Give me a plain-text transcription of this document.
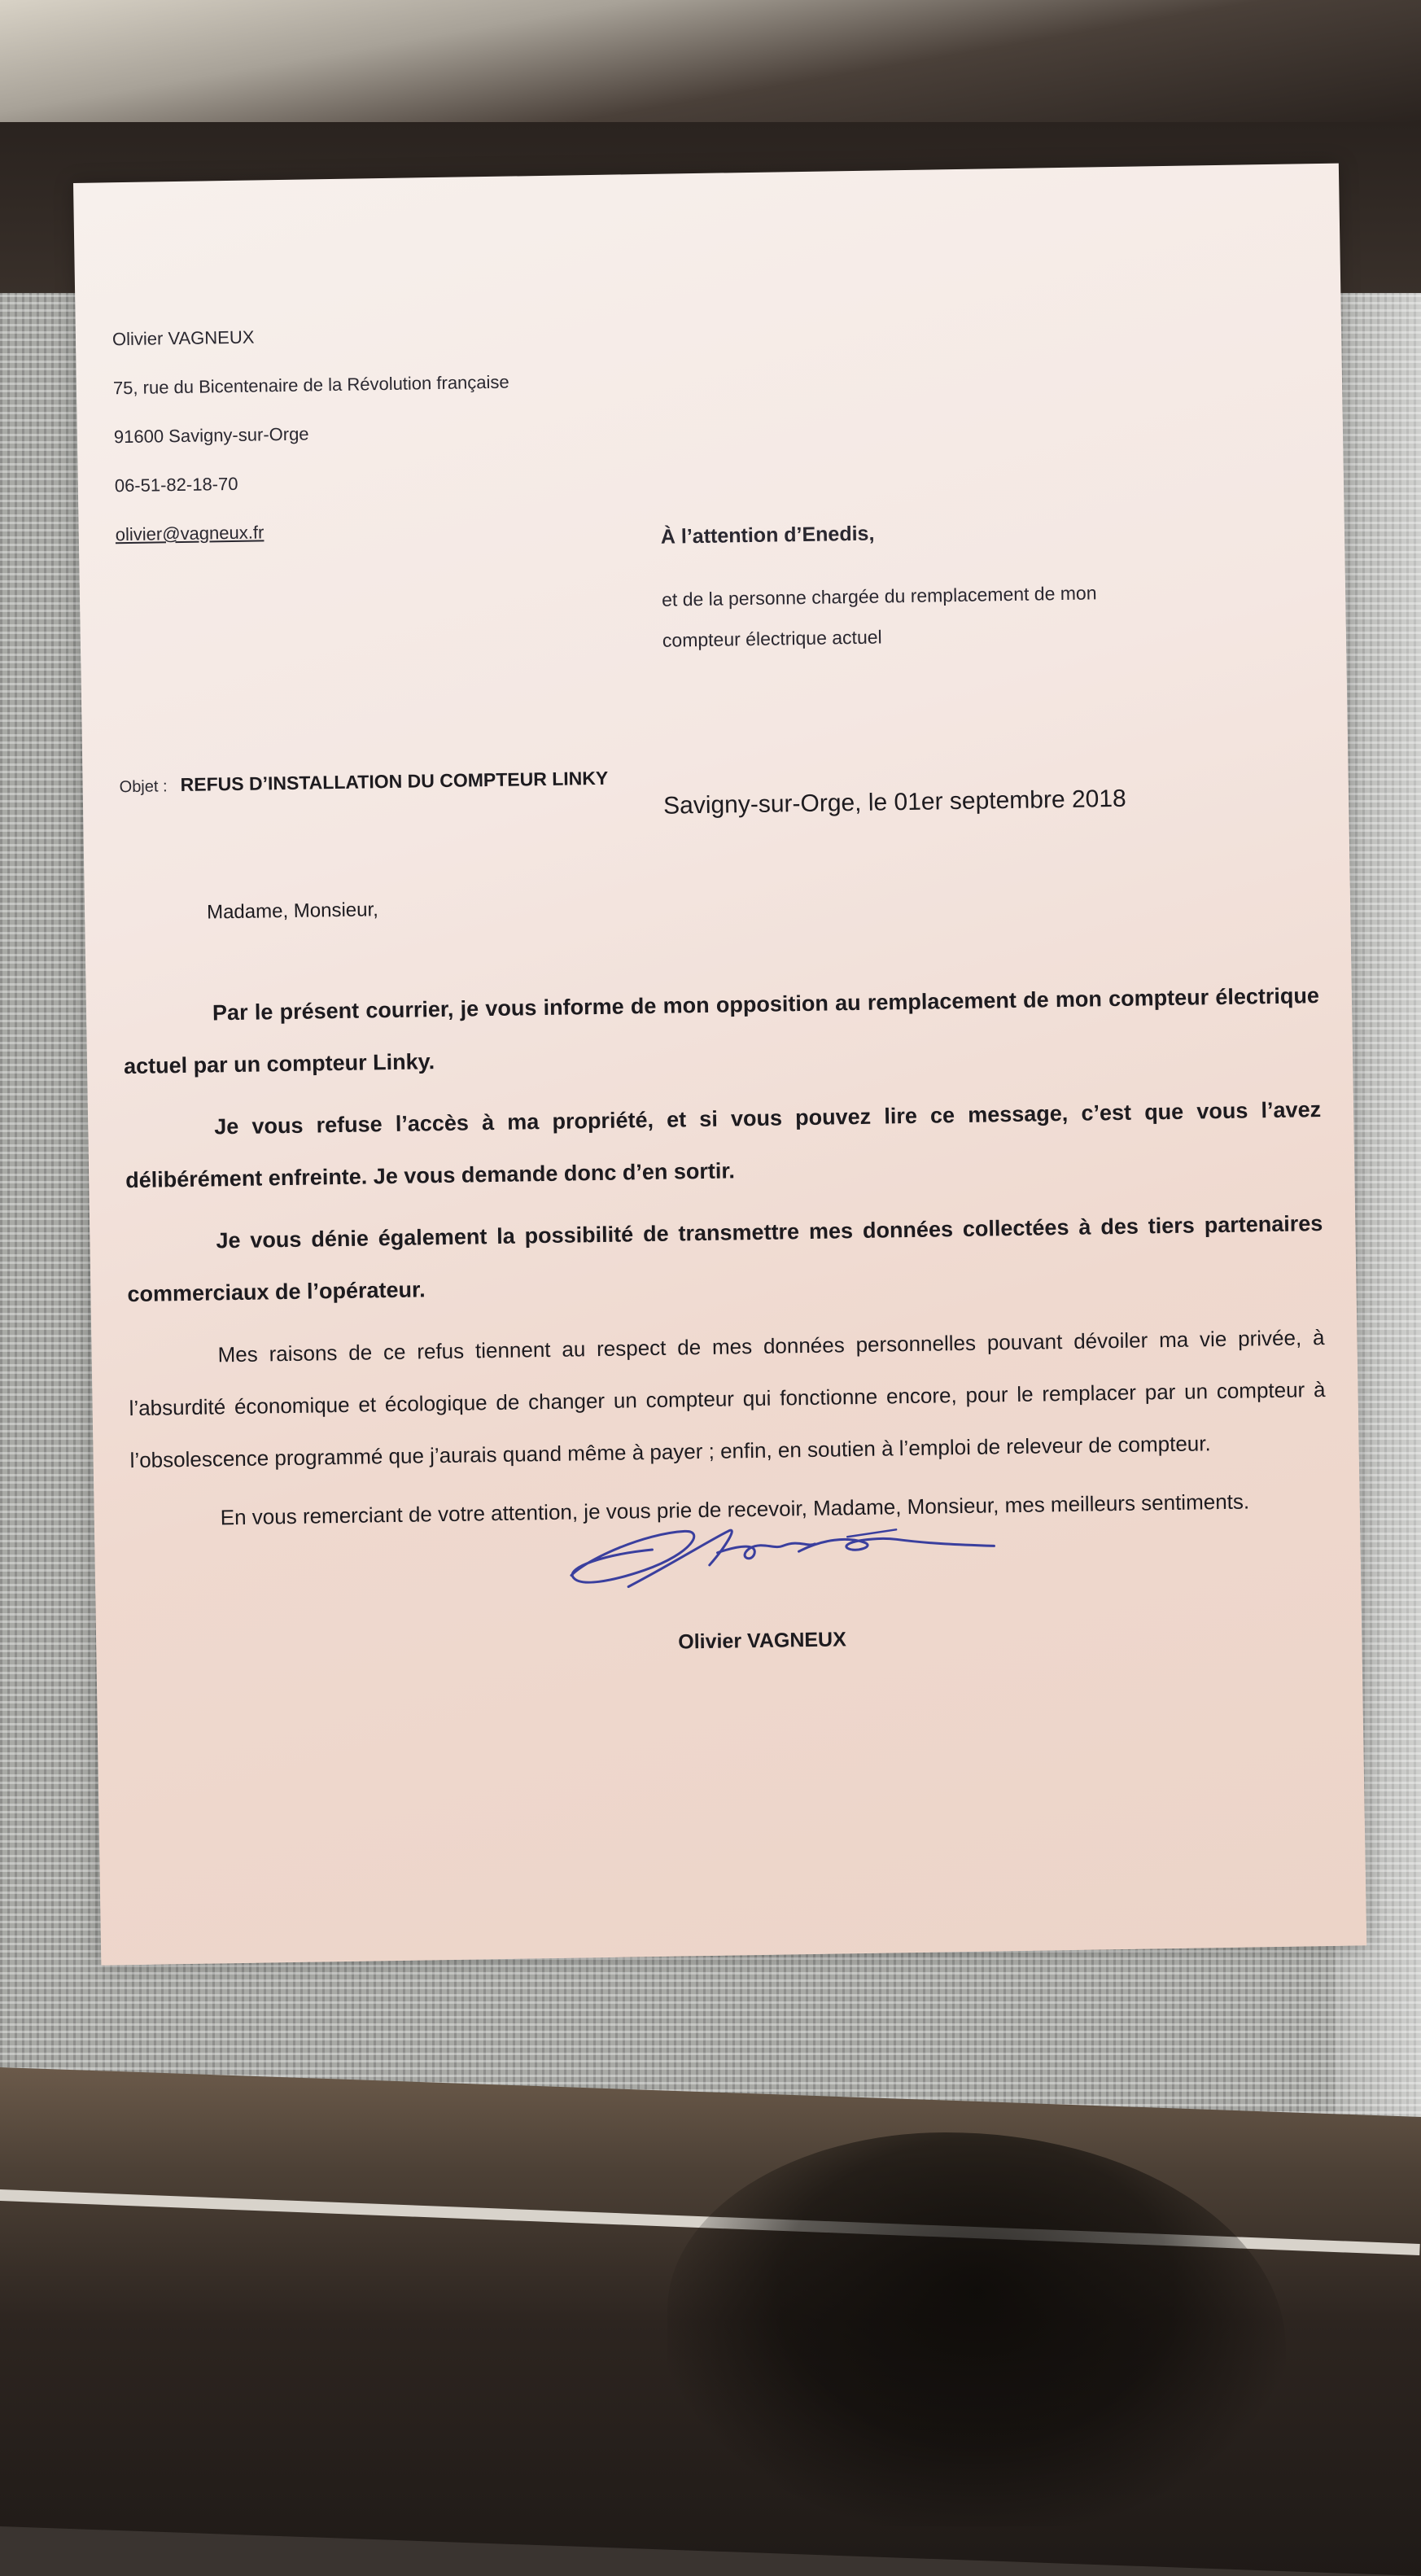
Olivier VAGNEUX
75, rue du Bicentenaire de la Révolution française
91600 Savigny-sur-Orge
06-51-82-18-70
olivier@vagneux.fr	À l’attention d’Enedis,
et de la personne chargée du remplacement de mon
compteur électrique actuel
Objet : REFUS D’INSTALLATION DU COMPTEUR LINKY
Savigny-sur-Orge, le 01er septembre 2018
Madame, Monsieur,

Par le présent courrier, je vous informe de mon opposition au remplacement de mon compteur électrique actuel par un compteur Linky.

Je vous refuse l’accès à ma propriété, et si vous pouvez lire ce message, c’est que vous l’avez délibérément enfreinte. Je vous demande donc d’en sortir.

Je vous dénie également la possibilité de transmettre mes données collectées à des tiers partenaires commerciaux de l’opérateur.

Mes raisons de ce refus tiennent au respect de mes données personnelles pouvant dévoiler ma vie privée, à l’absurdité économique et écologique de changer un compteur qui fonctionne encore, pour le remplacer par un compteur à l’obsolescence programmé que j’aurais quand même à payer ; enfin, en soutien à l’emploi de releveur de compteur.

En vous remerciant de votre attention, je vous prie de recevoir, Madame, Monsieur, mes meilleurs sentiments.

Olivier VAGNEUX
